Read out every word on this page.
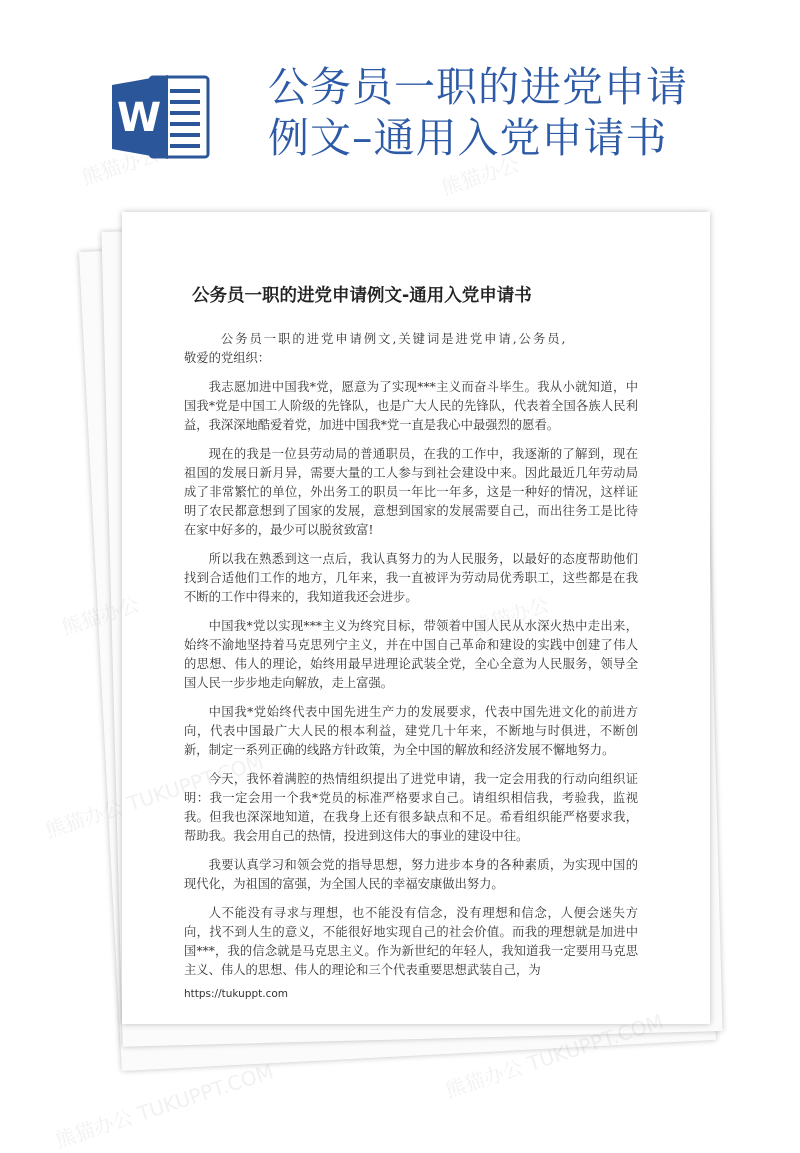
W
公务员一职的进党申请
例文–通用入党申请书
公务员一职的进党申请例文-通用入党申请书

公务员一职的进党申请例文,关键词是进党申请,公务员,

敬爱的党组织：

我志愿加进中国我*党，愿意为了实现***主义而奋斗毕生。我从小就知道，中国我*党是中国工人阶级的先锋队，也是广大人民的先锋队，代表着全国各族人民利益，我深深地酷爱着党，加进中国我*党一直是我心中最强烈的愿看。

现在的我是一位县劳动局的普通职员，在我的工作中，我逐渐的了解到，现在祖国的发展日新月异，需要大量的工人参与到社会建设中来。因此最近几年劳动局成了非常繁忙的单位，外出务工的职员一年比一年多，这是一种好的情况，这样证明了农民都意想到了国家的发展，意想到国家的发展需要自己，而出往务工是比待在家中好多的，最少可以脱贫致富!

所以我在熟悉到这一点后，我认真努力的为人民服务，以最好的态度帮助他们找到合适他们工作的地方，几年来，我一直被评为劳动局优秀职工，这些都是在我不断的工作中得来的，我知道我还会进步。

中国我*党以实现***主义为终究目标，带领着中国人民从水深火热中走出来，始终不渝地坚持着马克思列宁主义，并在中国自己革命和建设的实践中创建了伟人的思想、伟人的理论，始终用最早进理论武装全党，全心全意为人民服务，领导全国人民一步步地走向解放，走上富强。

中国我*党始终代表中国先进生产力的发展要求，代表中国先进文化的前进方向，代表中国最广大人民的根本利益，建党几十年来，不断地与时俱进，不断创新，制定一系列正确的线路方针政策，为全中国的解放和经济发展不懈地努力。

今天，我怀着满腔的热情组织提出了进党申请，我一定会用我的行动向组织证明：我一定会用一个我*党员的标准严格要求自己。请组织相信我，考验我，监视我。但我也深深地知道，在我身上还有很多缺点和不足。希看组织能严格要求我，帮助我。我会用自己的热情，投进到这伟大的事业的建设中往。

我要认真学习和领会党的指导思想，努力进步本身的各种素质，为实现中国的现代化，为祖国的富强，为全国人民的幸福安康做出努力。

人不能没有寻求与理想，也不能没有信念，没有理想和信念，人便会迷失方向，找不到人生的意义，不能很好地实现自己的社会价值。而我的理想就是加进中国***，我的信念就是马克思主义。作为新世纪的年轻人，我知道我一定要用马克思主义、伟人的思想、伟人的理论和三个代表重要思想武装自己，为

https://tukuppt.com
熊猫办公	熊猫办公
熊猫办公
熊猫办公 TUKUPPT.COM
熊猫办公 TUKUPPT.COM
